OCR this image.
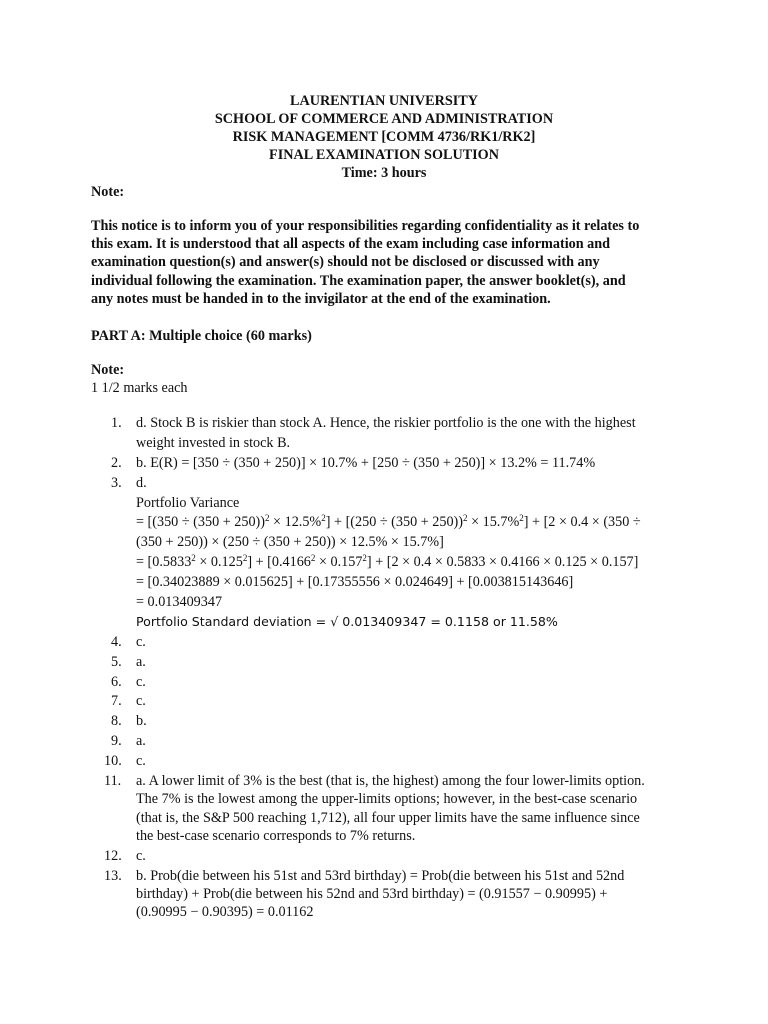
LAURENTIAN UNIVERSITY
SCHOOL OF COMMERCE AND ADMINISTRATION
RISK MANAGEMENT [COMM 4736/RK1/RK2]
FINAL EXAMINATION SOLUTION
Time: 3 hours
Note:
This notice is to inform you of your responsibilities regarding confidentiality as it relates to
this exam. It is understood that all aspects of the exam including case information and
examination question(s) and answer(s) should not be disclosed or discussed with any
individual following the examination. The examination paper, the answer booklet(s), and
any notes must be handed in to the invigilator at the end of the examination.
PART A: Multiple choice (60 marks)
Note:
1 1/2 marks each
1. d. Stock B is riskier than stock A. Hence, the riskier portfolio is the one with the highest
weight invested in stock B.
2. b. E(R) = [350 ÷ (350 + 250)] × 10.7% + [250 ÷ (350 + 250)] × 13.2% = 11.74%
3. d.
Portfolio Variance
= $[(350 \div (350 + 250))^2 \times 12.5\%^2] + [(250 \div (350 + 250))^2 \times 15.7\%^2] + [2 \times 0.4 \times (350$ ÷
(350 + 250)) × (250 ÷ (350 + 250)) × 12.5% × 15.7%]
= $[0.5833^2 \times 0.125^2] + [0.4166^2 \times 0.157^2] + [2 \times 0.4 \times 0.5833 \times 0.4166 \times 0.125 \times 0.157]$
= [0.34023889 × 0.015625] + [0.17355556 × 0.024649] + [0.003815143646]
= 0.013409347
Portfolio Standard deviation = √ 0.013409347 = 0.1158 or 11.58%
4. c.
5. a.
6. c.
7. c.
8. b.
9. a.
10. c.
11. a. A lower limit of 3% is the best (that is, the highest) among the four lower-limits option.
The 7% is the lowest among the upper-limits options; however, in the best-case scenario
(that is, the S&P 500 reaching 1,712), all four upper limits have the same influence since
the best-case scenario corresponds to 7% returns.
12. c.
13. b. Prob(die between his 51st and 53rd birthday) = Prob(die between his 51st and 52nd
birthday) + Prob(die between his 52nd and 53rd birthday) = (0.91557 − 0.90995) +
(0.90995 − 0.90395) = 0.01162
